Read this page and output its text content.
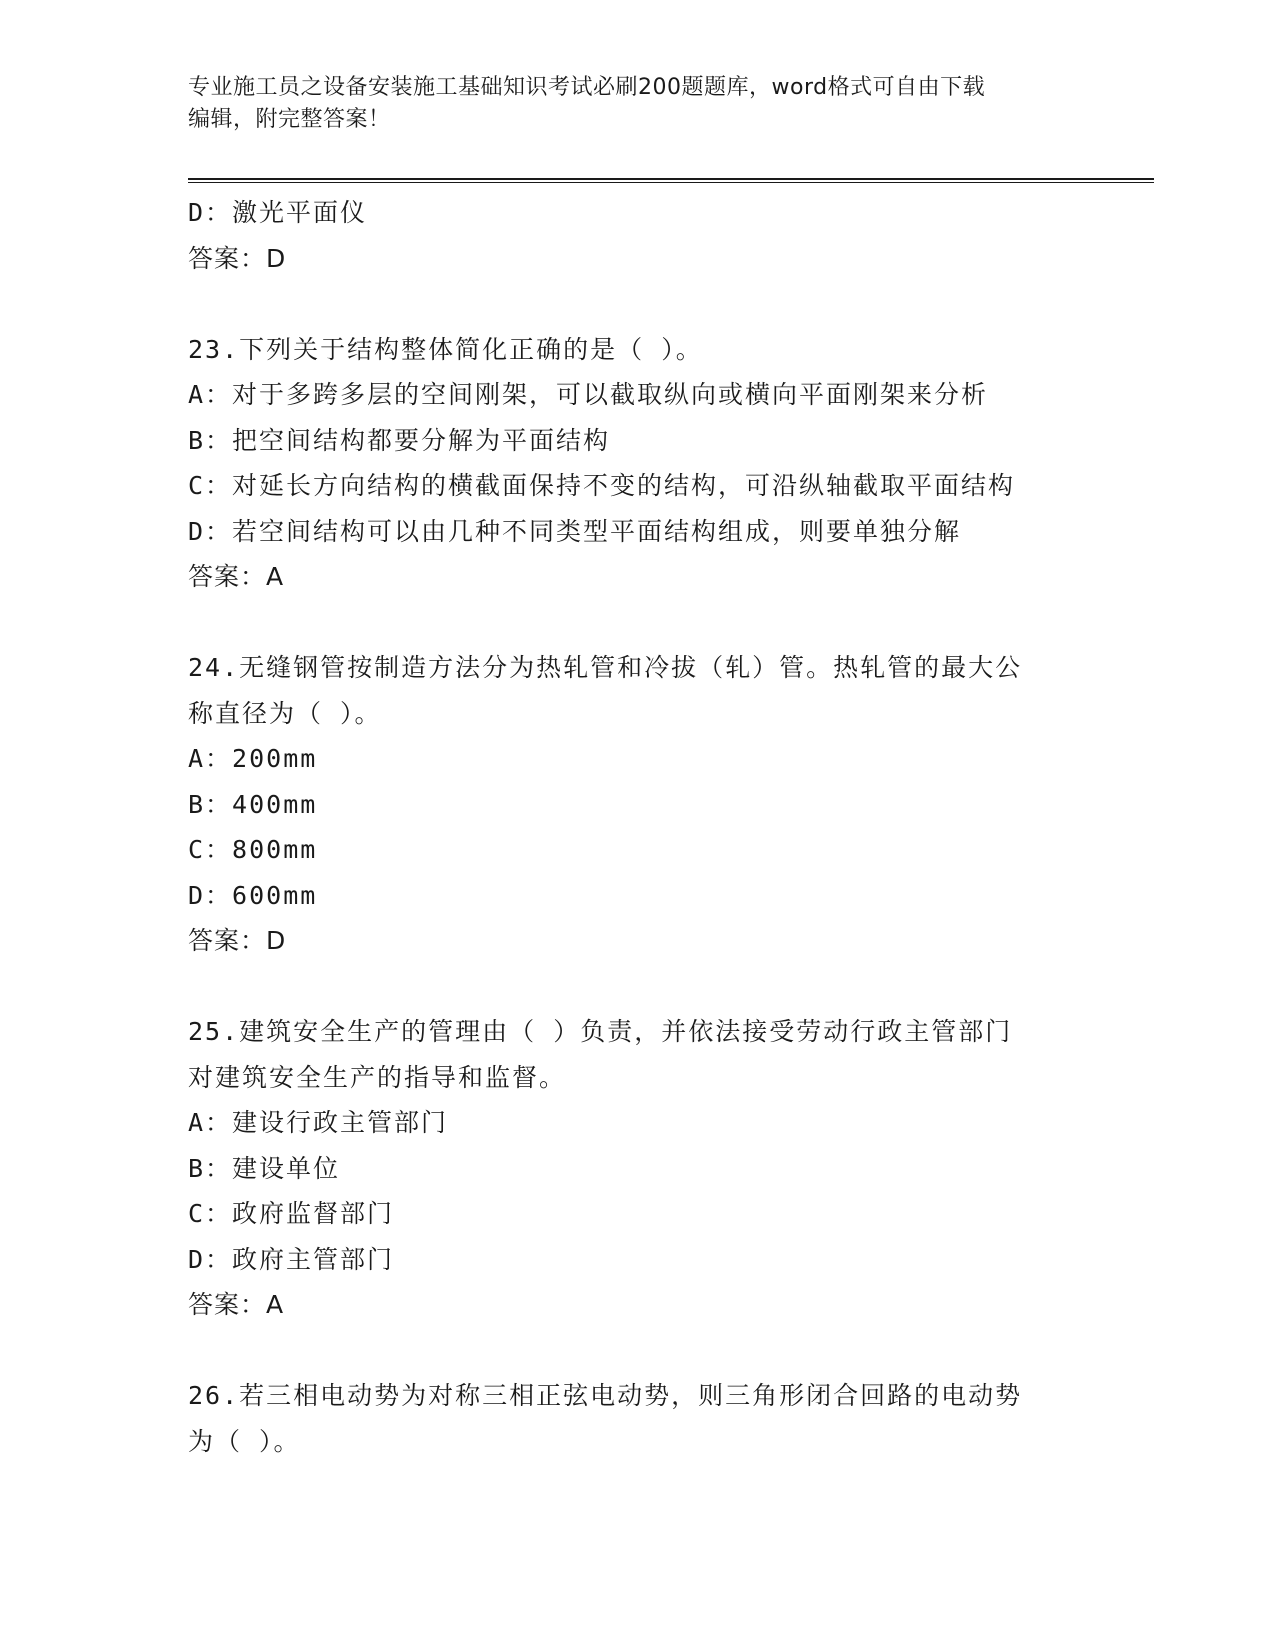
专业施工员之设备安装施工基础知识考试必刷200题题库，word格式可自由下载
编辑，附完整答案！
D：激光平面仪
答案：D
23.下列关于结构整体简化正确的是（ ）。
A：对于多跨多层的空间刚架，可以截取纵向或横向平面刚架来分析
B：把空间结构都要分解为平面结构
C：对延长方向结构的横截面保持不变的结构，可沿纵轴截取平面结构
D：若空间结构可以由几种不同类型平面结构组成，则要单独分解
答案：A
24.无缝钢管按制造方法分为热轧管和冷拔（轧）管。热轧管的最大公
称直径为（ ）。
A：200mm
B：400mm
C：800mm
D：600mm
答案：D
25.建筑安全生产的管理由（ ）负责，并依法接受劳动行政主管部门
对建筑安全生产的指导和监督。
A：建设行政主管部门
B：建设单位
C：政府监督部门
D：政府主管部门
答案：A
26.若三相电动势为对称三相正弦电动势，则三角形闭合回路的电动势
为（ ）。
